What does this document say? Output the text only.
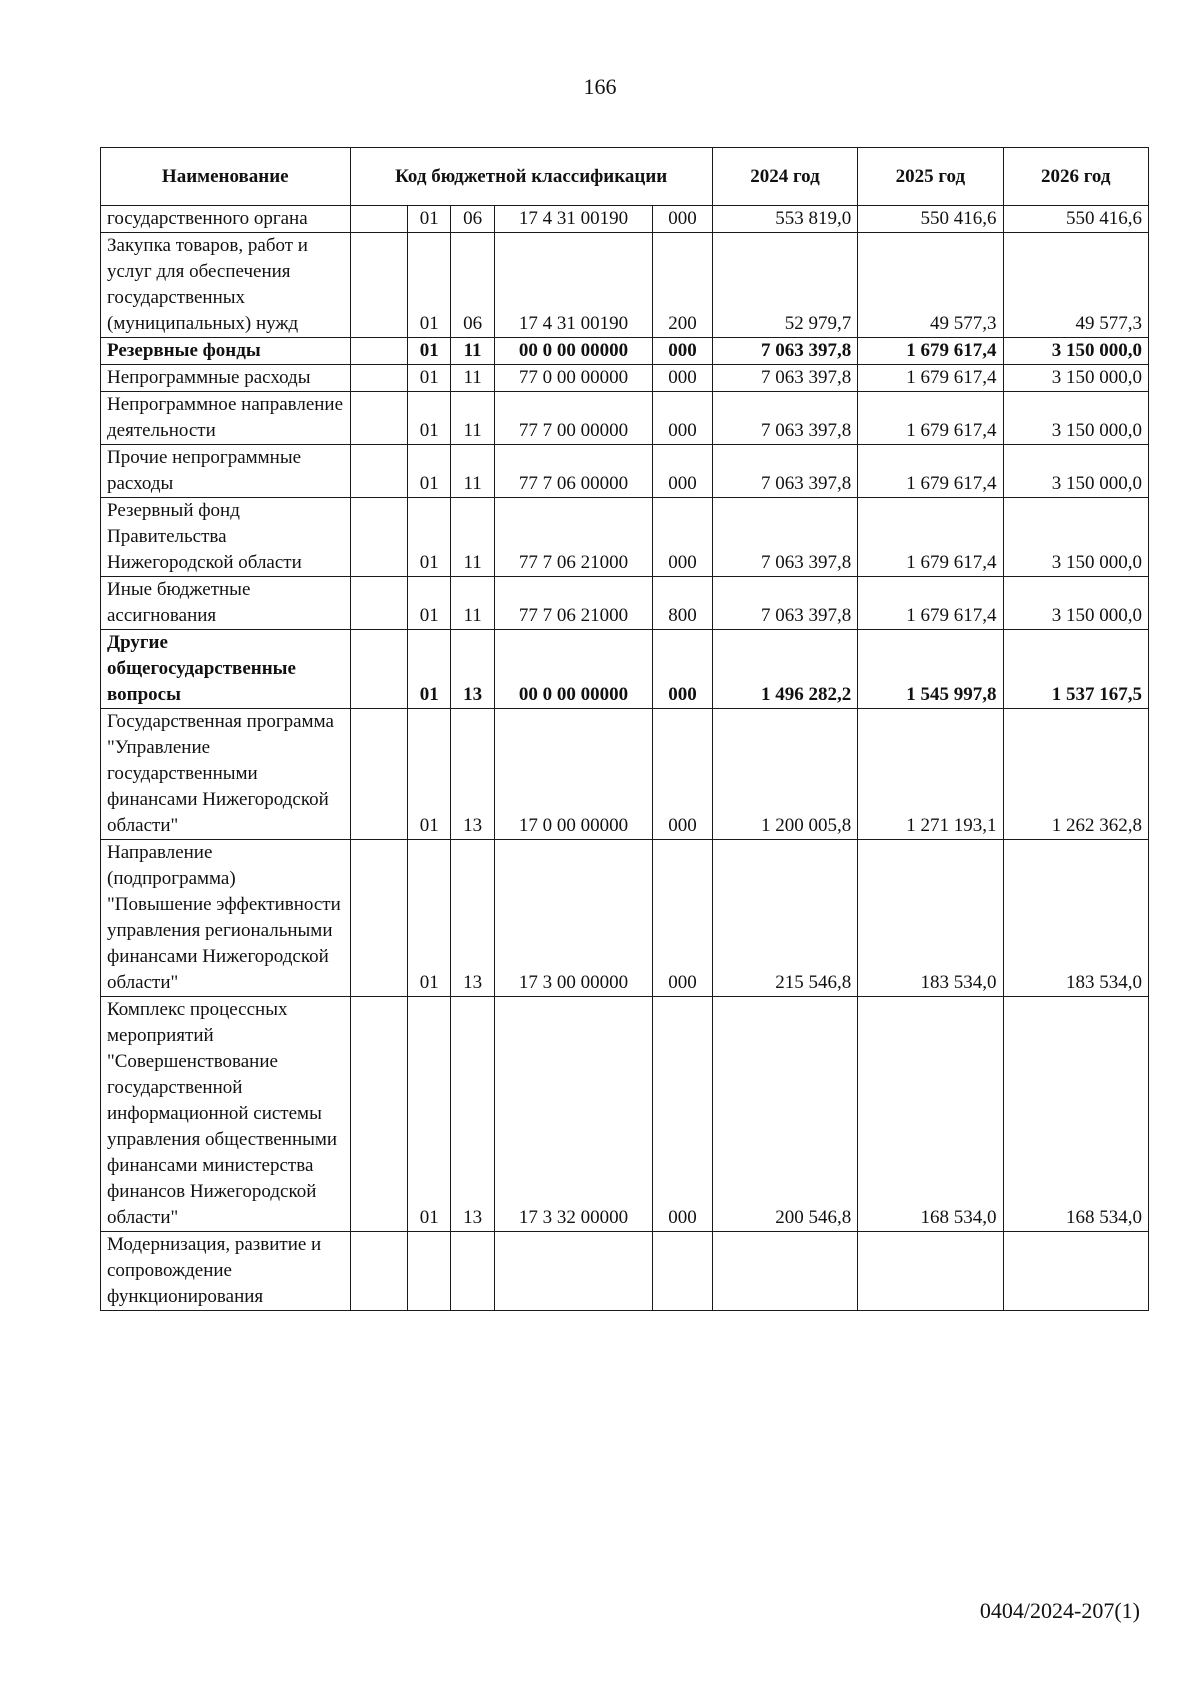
166
Наименование	Код бюджетной классификации					2024 год	2025 год	2026 год
государственного органа		01	06	17 4 31 00190	000	553 819,0	550 416,6	550 416,6
Закупка товаров, работ и услуг для обеспечения государственных (муниципальных) нужд		01	06	17 4 31 00190	200	52 979,7	49 577,3	49 577,3
Резервные фонды		01	11	00 0 00 00000	000	7 063 397,8	1 679 617,4	3 150 000,0
Непрограммные расходы		01	11	77 0 00 00000	000	7 063 397,8	1 679 617,4	3 150 000,0
Непрограммное направление деятельности		01	11	77 7 00 00000	000	7 063 397,8	1 679 617,4	3 150 000,0
Прочие непрограммные расходы		01	11	77 7 06 00000	000	7 063 397,8	1 679 617,4	3 150 000,0
Резервный фонд Правительства Нижегородской области		01	11	77 7 06 21000	000	7 063 397,8	1 679 617,4	3 150 000,0
Иные бюджетные ассигнования		01	11	77 7 06 21000	800	7 063 397,8	1 679 617,4	3 150 000,0
Другие общегосударственные вопросы		01	13	00 0 00 00000	000	1 496 282,2	1 545 997,8	1 537 167,5
Государственная программа "Управление государственными финансами Нижегородской области"		01	13	17 0 00 00000	000	1 200 005,8	1 271 193,1	1 262 362,8
Направление (подпрограмма) "Повышение эффективности управления региональными финансами Нижегородской области"		01	13	17 3 00 00000	000	215 546,8	183 534,0	183 534,0
Комплекс процессных мероприятий "Совершенствование государственной информационной системы управления общественными финансами министерства финансов Нижегородской области"		01	13	17 3 32 00000	000	200 546,8	168 534,0	168 534,0
Модернизация, развитие и сопровождение функционирования								
0404/2024-207(1)
